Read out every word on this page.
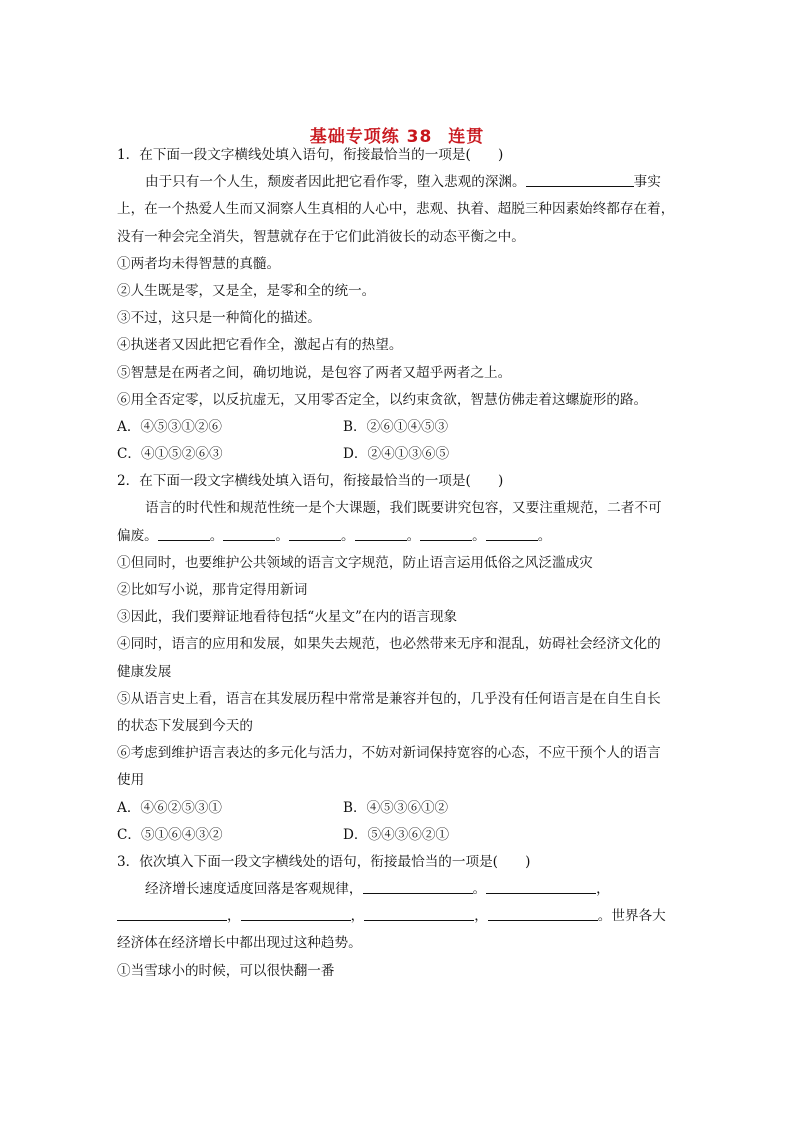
基础专项练 38 连贯
1．在下面一段文字横线处填入语句，衔接最恰当的一项是(　　)
由于只有一个人生，颓废者因此把它看作零，堕入悲观的深渊。	事实
上，在一个热爱人生而又洞察人生真相的人心中，悲观、执着、超脱三种因素始终都存在着，
没有一种会完全消失，智慧就存在于它们此消彼长的动态平衡之中。
①两者均未得智慧的真髓。
②人生既是零，又是全，是零和全的统一。
③不过，这只是一种简化的描述。
④执迷者又因此把它看作全，激起占有的热望。
⑤智慧是在两者之间，确切地说，是包容了两者又超乎两者之上。
⑥用全否定零，以反抗虚无，又用零否定全，以约束贪欲，智慧仿佛走着这螺旋形的路。
A．④⑤③①②⑥	B．②⑥①④⑤③
C．④①⑤②⑥③	D．②④①③⑥⑤
2．在下面一段文字横线处填入语句，衔接最恰当的一项是(　　)
语言的时代性和规范性统一是个大课题，我们既要讲究包容，又要注重规范，二者不可
偏废。	。	。	。	。	。	。
①但同时，也要维护公共领域的语言文字规范，防止语言运用低俗之风泛滥成灾
②比如写小说，那肯定得用新词
③因此，我们要辩证地看待包括“火星文”在内的语言现象
④同时，语言的应用和发展，如果失去规范，也必然带来无序和混乱，妨碍社会经济文化的
健康发展
⑤从语言史上看，语言在其发展历程中常常是兼容并包的，几乎没有任何语言是在自生自长
的状态下发展到今天的
⑥考虑到维护语言表达的多元化与活力，不妨对新词保持宽容的心态，不应干预个人的语言
使用
A．④⑥②⑤③①	B．④⑤③⑥①②
C．⑤①⑥④③②	D．⑤④③⑥②①
3．依次填入下面一段文字横线处的语句，衔接最恰当的一项是(　　)
经济增长速度适度回落是客观规律，	。	，
，	，	，	。世界各大
经济体在经济增长中都出现过这种趋势。
①当雪球小的时候，可以很快翻一番
